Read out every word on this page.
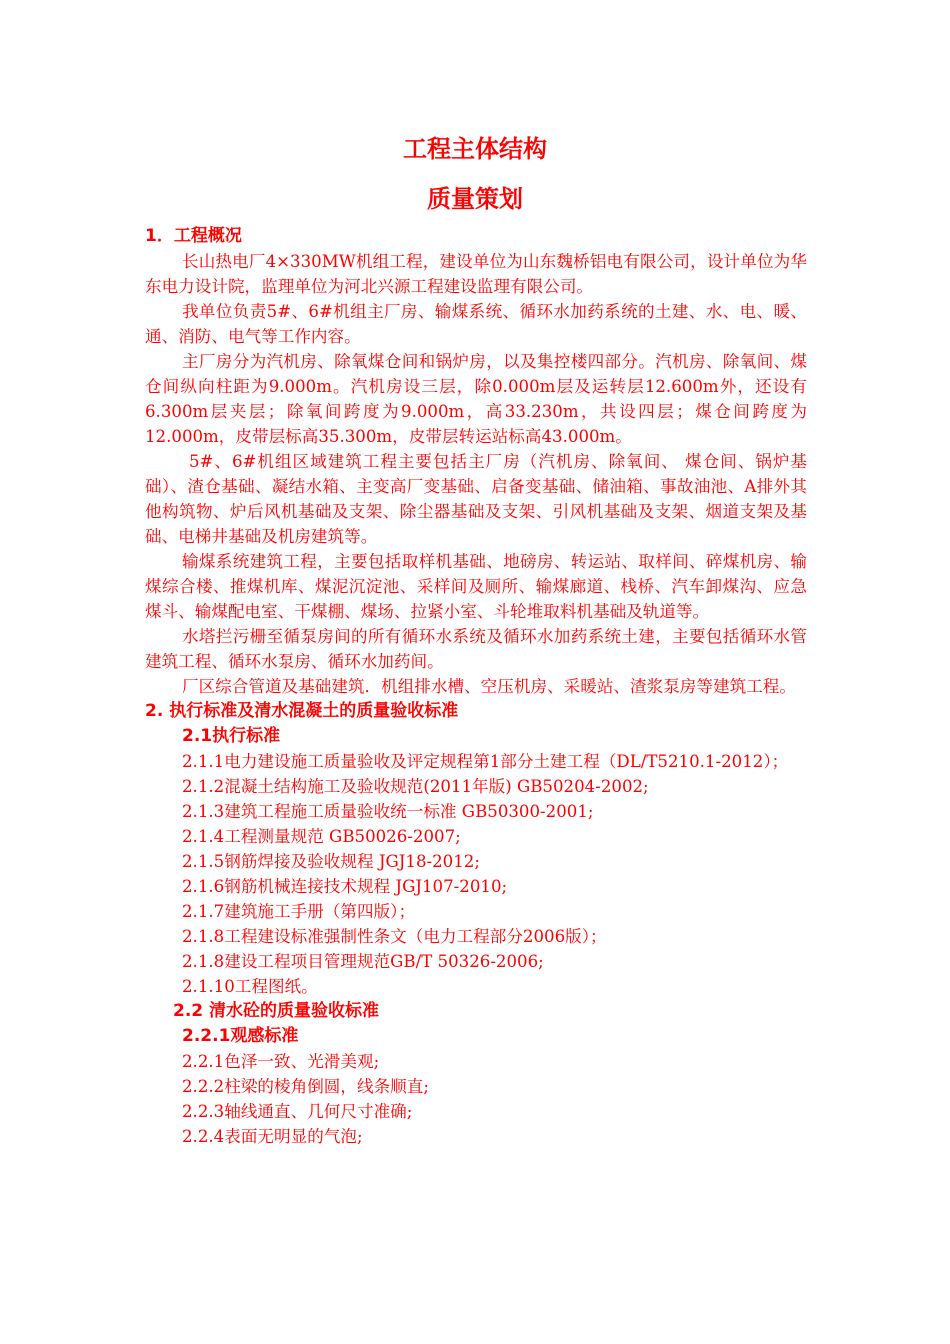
工程主体结构
质量策划
1．工程概况
长山热电厂4×330MW机组工程，建设单位为山东魏桥铝电有限公司，设计单位为华东电力设计院，监理单位为河北兴源工程建设监理有限公司。
我单位负责5#、6#机组主厂房、输煤系统、循环水加药系统的土建、水、电、暖、通、消防、电气等工作内容。
主厂房分为汽机房、除氧煤仓间和锅炉房，以及集控楼四部分。汽机房、除氧间、煤仓间纵向柱距为9.000m。汽机房设三层，除0.000m层及运转层12.600m外，还设有6.300m层夹层；除氧间跨度为9.000m，高33.230m，共设四层；煤仓间跨度为12.000m，皮带层标高35.300m，皮带层转运站标高43.000m。
5#、6#机组区域建筑工程主要包括主厂房（汽机房、除氧间、 煤仓间、锅炉基础）、渣仓基础、凝结水箱、主变高厂变基础、启备变基础、储油箱、事故油池、A排外其他构筑物、炉后风机基础及支架、除尘器基础及支架、引风机基础及支架、烟道支架及基础、电梯井基础及机房建筑等。
输煤系统建筑工程，主要包括取样机基础、地磅房、转运站、取样间、碎煤机房、输煤综合楼、推煤机库、煤泥沉淀池、采样间及厕所、输煤廊道、栈桥、汽车卸煤沟、应急煤斗、输煤配电室、干煤棚、煤场、拉紧小室、斗轮堆取料机基础及轨道等。
水塔拦污栅至循泵房间的所有循环水系统及循环水加药系统土建，主要包括循环水管建筑工程、循环水泵房、循环水加药间。
厂区综合管道及基础建筑．机组排水槽、空压机房、采暖站、渣浆泵房等建筑工程。
2. 执行标准及清水混凝土的质量验收标准
2.1执行标准
2.1.1电力建设施工质量验收及评定规程第1部分土建工程（DL/T5210.1-2012）；
2.1.2混凝土结构施工及验收规范(2011年版) GB50204-2002;
2.1.3建筑工程施工质量验收统一标准 GB50300-2001;
2.1.4工程测量规范 GB50026-2007;
2.1.5钢筋焊接及验收规程 JGJ18-2012;
2.1.6钢筋机械连接技术规程 JGJ107-2010;
2.1.7建筑施工手册（第四版）；
2.1.8工程建设标准强制性条文（电力工程部分2006版）；
2.1.8建设工程项目管理规范GB/T 50326-2006;
2.1.10工程图纸。
2.2 清水砼的质量验收标准
2.2.1观感标准
2.2.1色泽一致、光滑美观;
2.2.2柱梁的棱角倒圆，线条顺直;
2.2.3轴线通直、几何尺寸准确;
2.2.4表面无明显的气泡;
